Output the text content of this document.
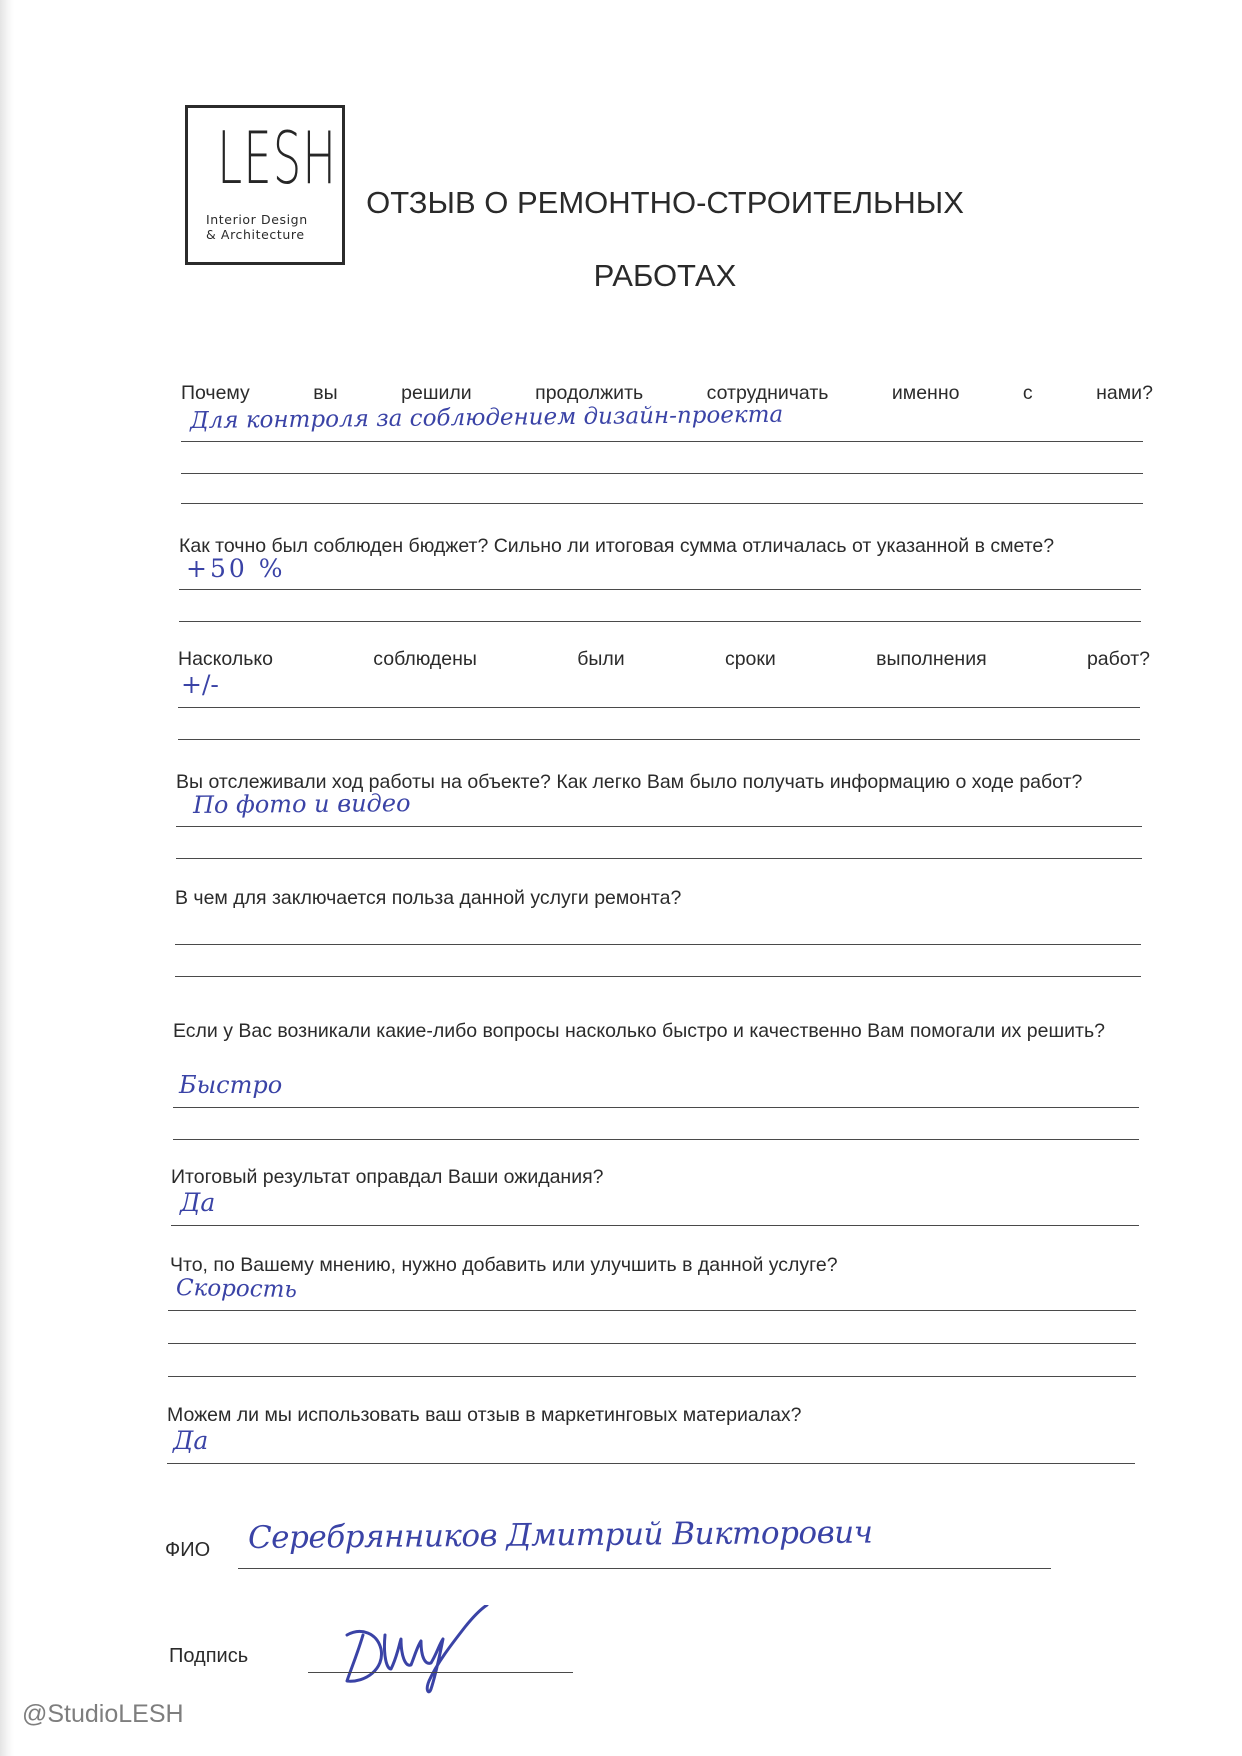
LESH
Interior Design
& Architecture
ОТЗЫВ О РЕМОНТНО-СТРОИТЕЛЬНЫХ
РАБОТАХ
Почему	вы	решили	продолжить	сотрудничать	именно	с	нами?
Для контроля за соблюдением дизайн-проекта
Как точно был соблюден бюджет? Сильно ли итоговая сумма отличалась от указанной в смете?
+50 %
Насколько	соблюдены	были	сроки	выполнения	работ?
+/-
Вы отслеживали ход работы на объекте? Как легко Вам было получать информацию о ходе работ?
По фото и видео
В чем для заключается польза данной услуги ремонта?
Если у Вас возникали какие-либо вопросы насколько быстро и качественно Вам помогали их решить?
Быстро
Итоговый результат оправдал Ваши ожидания?
Да
Что, по Вашему мнению, нужно добавить или улучшить в данной услуге?
Скорость
Можем ли мы использовать ваш отзыв в маркетинговых материалах?
Да
ФИО Серебрянников Дмитрий Викторович
Подпись
@StudioLESH
